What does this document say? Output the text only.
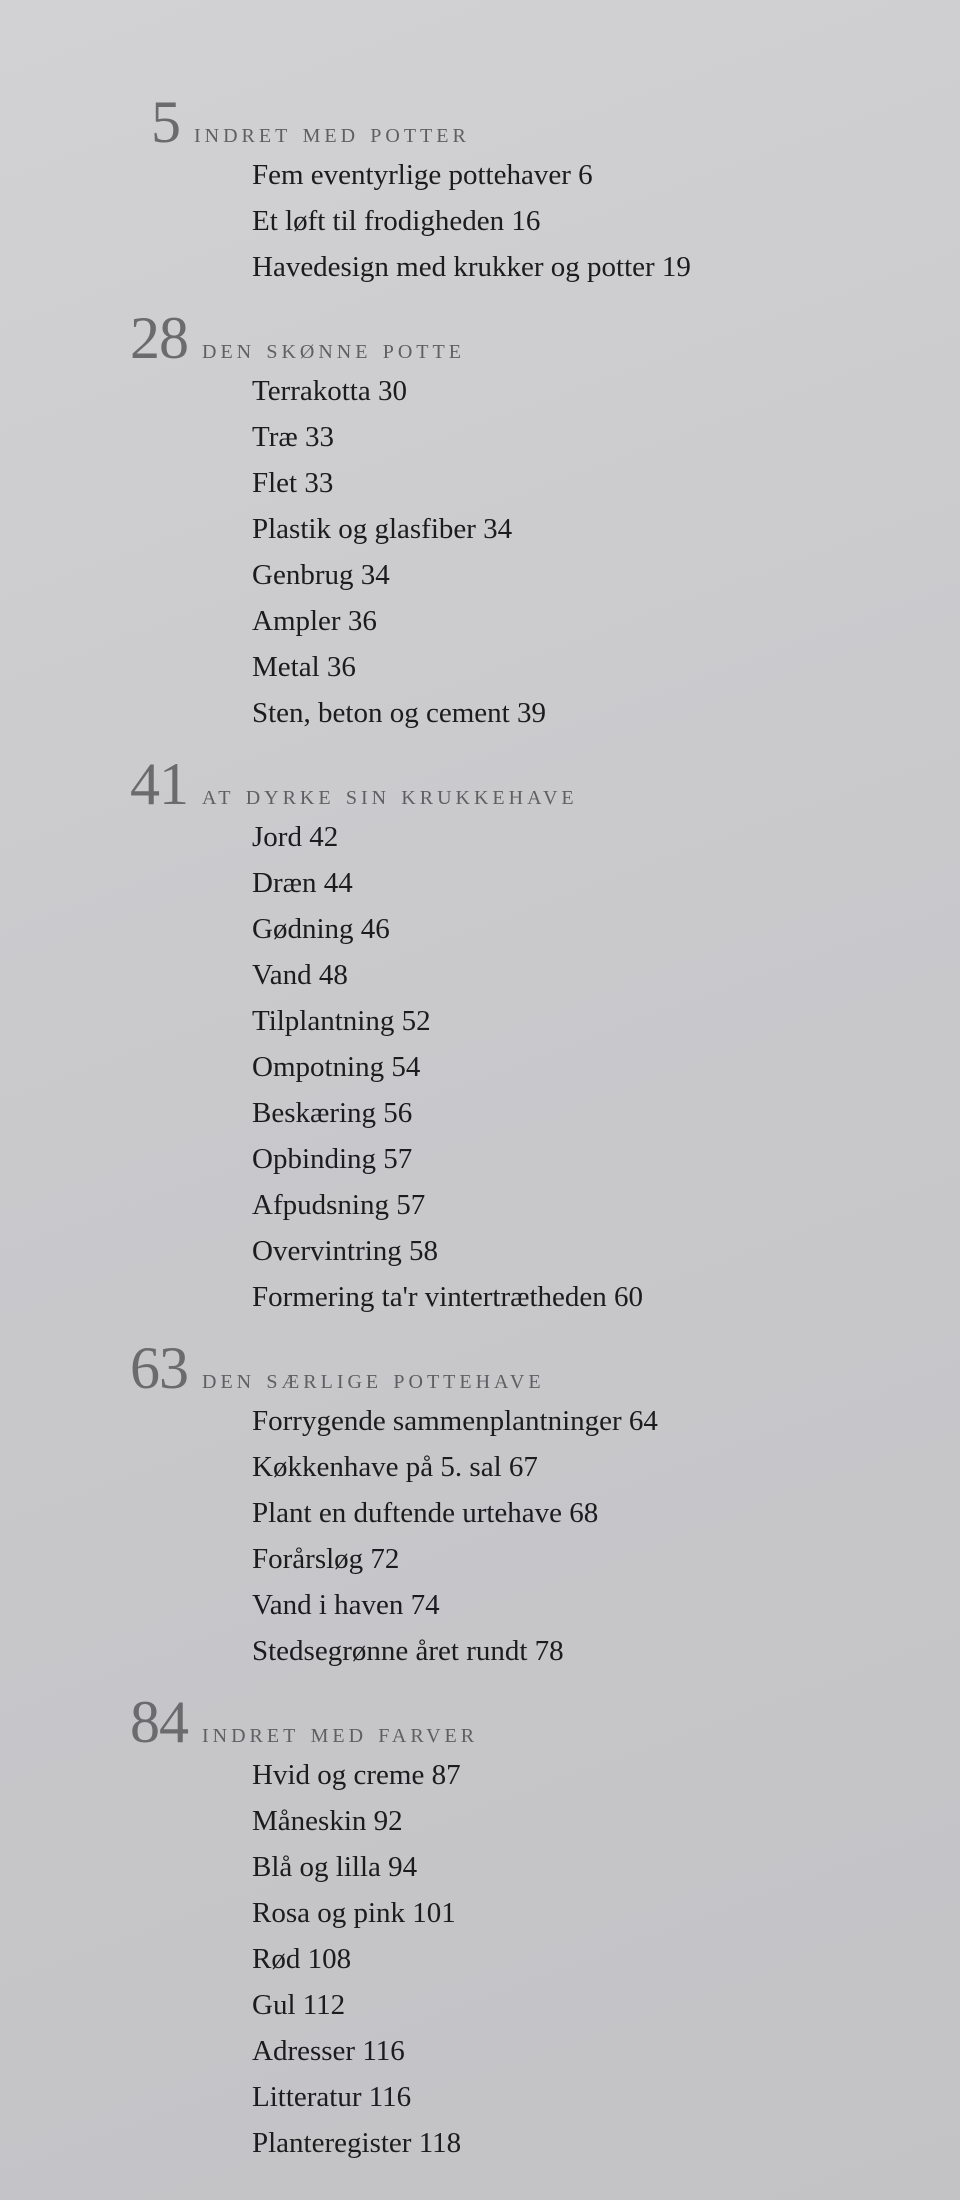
5 indret med potter
Fem eventyrlige pottehaver 6
Et løft til frodigheden 16
Havedesign med krukker og potter 19
28 den skønne potte
Terrakotta 30
Træ 33
Flet 33
Plastik og glasfiber 34
Genbrug 34
Ampler 36
Metal 36
Sten, beton og cement 39
41 at dyrke sin krukkehave
Jord 42
Dræn 44
Gødning 46
Vand 48
Tilplantning 52
Ompotning 54
Beskæring 56
Opbinding 57
Afpudsning 57
Overvintring 58
Formering ta'r vintertrætheden 60
63 den særlige pottehave
Forrygende sammenplantninger 64
Køkkenhave på 5. sal 67
Plant en duftende urtehave 68
Forårsløg 72
Vand i haven 74
Stedsegrønne året rundt 78
84 indret med farver
Hvid og creme 87
Måneskin 92
Blå og lilla 94
Rosa og pink 101
Rød 108
Gul 112
Adresser 116
Litteratur 116
Planteregister 118
